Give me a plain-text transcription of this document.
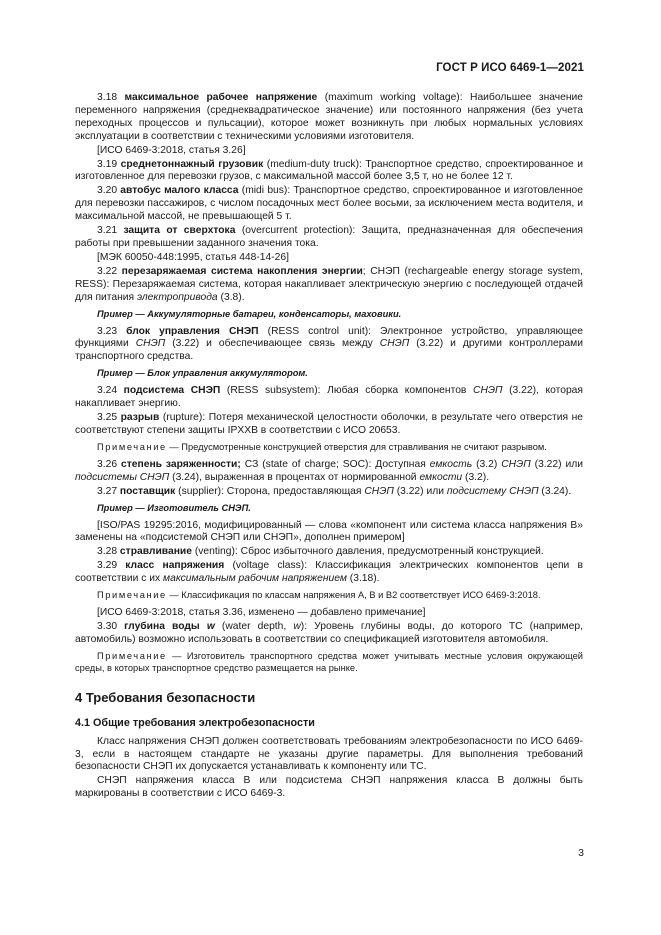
ГОСТ Р ИСО 6469-1—2021

3.18 максимальное рабочее напряжение (maximum working voltage): Наибольшее значение переменного напряжения (среднеквадратическое значение) или постоянного напряжения (без учета переходных процессов и пульсации), которое может возникнуть при любых нормальных условиях эксплуатации в соответствии с техническими условиями изготовителя.

[ИСО 6469-3:2018, статья 3.26]

3.19 среднетоннажный грузовик (medium-duty truck): Транспортное средство, спроектированное и изготовленное для перевозки грузов, с максимальной массой более 3,5 т, но не более 12 т.

3.20 автобус малого класса (midi bus): Транспортное средство, спроектированное и изготовленное для перевозки пассажиров, с числом посадочных мест более восьми, за исключением места водителя, и максимальной массой, не превышающей 5 т.

3.21 защита от сверхтока (overcurrent protection): Защита, предназначенная для обеспечения работы при превышении заданного значения тока.

[МЭК 60050-448:1995, статья 448-14-26]

3.22 перезаряжаемая система накопления энергии; СНЭП (rechargeable energy storage system, RESS): Перезаряжаемая система, которая накапливает электрическую энергию с последующей отдачей для питания электропривода (3.8).

Пример — Аккумуляторные батареи, конденсаторы, маховики.

3.23 блок управления СНЭП (RESS control unit): Электронное устройство, управляющее функциями СНЭП (3.22) и обеспечивающее связь между СНЭП (3.22) и другими контроллерами транспортного средства.

Пример — Блок управления аккумулятором.

3.24 подсистема СНЭП (RESS subsystem): Любая сборка компонентов СНЭП (3.22), которая накапливает энергию.

3.25 разрыв (rupture): Потеря механической целостности оболочки, в результате чего отверстия не соответствуют степени защиты IPXXB в соответствии с ИСО 20653.

Примечание — Предусмотренные конструкцией отверстия для стравливания не считают разрывом.

3.26 степень заряженности; СЗ (state of charge; SOC): Доступная емкость (3.2) СНЭП (3.22) или подсистемы СНЭП (3.24), выраженная в процентах от нормированной емкости (3.2).

3.27 поставщик (supplier): Сторона, предоставляющая СНЭП (3.22) или подсистему СНЭП (3.24).

Пример — Изготовитель СНЭП.

[ISO/PAS 19295:2016, модифицированный — слова «компонент или система класса напряжения B» заменены на «подсистемой СНЭП или СНЭП», дополнен примером]

3.28 стравливание (venting): Сброс избыточного давления, предусмотренный конструкцией.

3.29 класс напряжения (voltage class): Классификация электрических компонентов цепи в соответствии с их максимальным рабочим напряжением (3.18).

Примечание — Классификация по классам напряжения A, B и B2 соответствует ИСО 6469-3:2018.

[ИСО 6469-3:2018, статья 3.36, изменено — добавлено примечание]

3.30 глубина воды w (water depth, w): Уровень глубины воды, до которого ТС (например, автомобиль) возможно использовать в соответствии со спецификацией изготовителя автомобиля.

Примечание — Изготовитель транспортного средства может учитывать местные условия окружающей среды, в которых транспортное средство размещается на рынке.

4 Требования безопасности
4.1 Общие требования электробезопасности

Класс напряжения СНЭП должен соответствовать требованиям электробезопасности по ИСО 6469-3, если в настоящем стандарте не указаны другие параметры. Для выполнения требований безопасности СНЭП их допускается устанавливать к компоненту или ТС.

СНЭП напряжения класса B или подсистема СНЭП напряжения класса B должны быть маркированы в соответствии с ИСО 6469-3.

3
